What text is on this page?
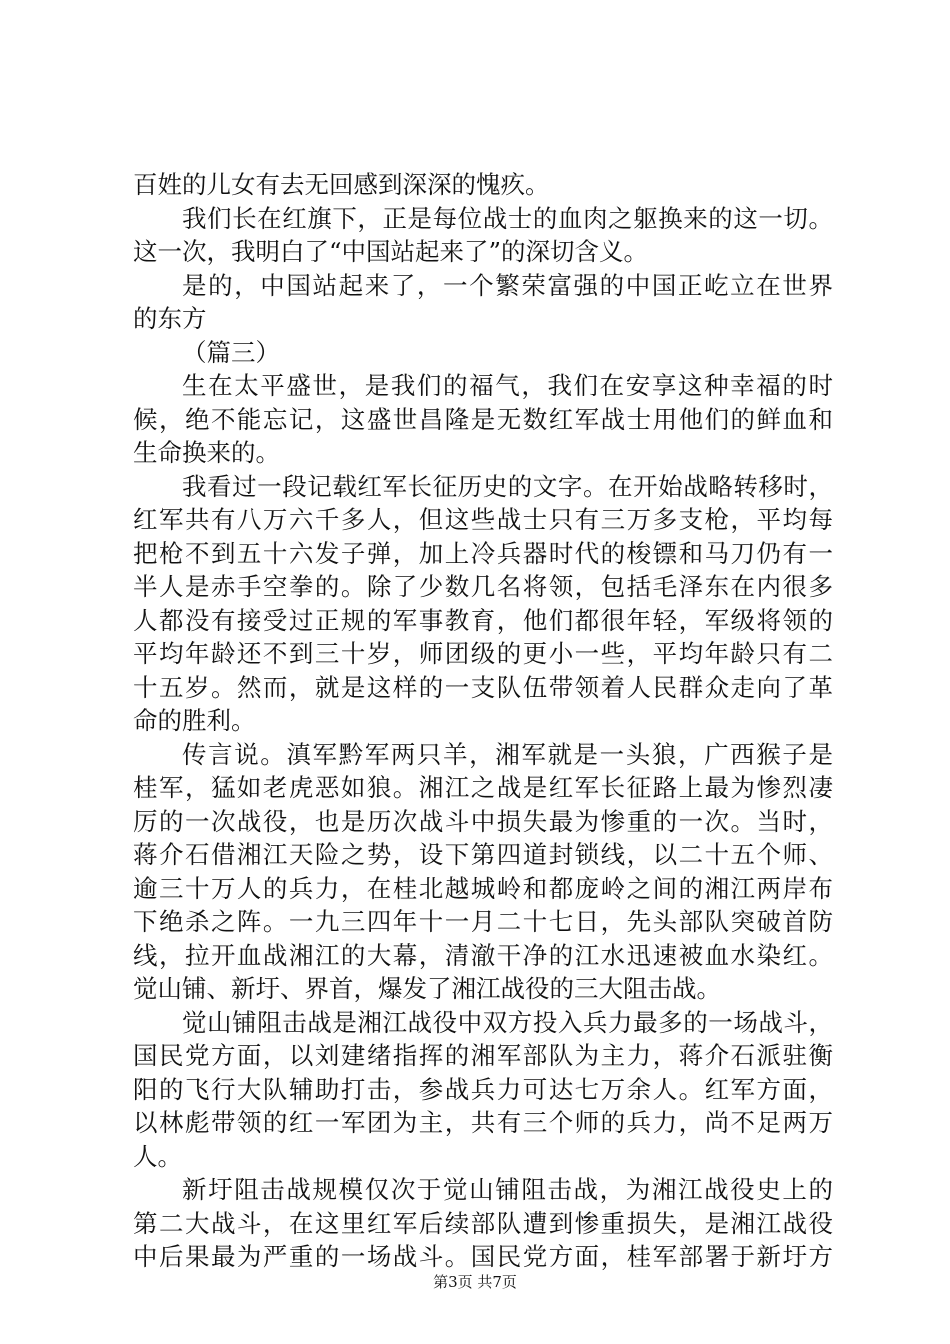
百姓的儿女有去无回感到深深的愧疚。
我们长在红旗下，正是每位战士的血肉之躯换来的这一切。
这一次，我明白了“中国站起来了”的深切含义。
是的，中国站起来了，一个繁荣富强的中国正屹立在世界
的东方
（篇三）
生在太平盛世，是我们的福气，我们在安享这种幸福的时
候，绝不能忘记，这盛世昌隆是无数红军战士用他们的鲜血和
生命换来的。
我看过一段记载红军长征历史的文字。在开始战略转移时，
红军共有八万六千多人，但这些战士只有三万多支枪，平均每
把枪不到五十六发子弹，加上冷兵器时代的梭镖和马刀仍有一
半人是赤手空拳的。除了少数几名将领，包括毛泽东在内很多
人都没有接受过正规的军事教育，他们都很年轻，军级将领的
平均年龄还不到三十岁，师团级的更小一些，平均年龄只有二
十五岁。然而，就是这样的一支队伍带领着人民群众走向了革
命的胜利。
传言说。滇军黔军两只羊，湘军就是一头狼，广西猴子是
桂军，猛如老虎恶如狼。湘江之战是红军长征路上最为惨烈凄
厉的一次战役，也是历次战斗中损失最为惨重的一次。当时，
蒋介石借湘江天险之势，设下第四道封锁线，以二十五个师、
逾三十万人的兵力，在桂北越城岭和都庞岭之间的湘江两岸布
下绝杀之阵。一九三四年十一月二十七日，先头部队突破首防
线，拉开血战湘江的大幕，清澈干净的江水迅速被血水染红。
觉山铺、新圩、界首，爆发了湘江战役的三大阻击战。
觉山铺阻击战是湘江战役中双方投入兵力最多的一场战斗，
国民党方面，以刘建绪指挥的湘军部队为主力，蒋介石派驻衡
阳的飞行大队辅助打击，参战兵力可达七万余人。红军方面，
以林彪带领的红一军团为主，共有三个师的兵力，尚不足两万
人。
新圩阻击战规模仅次于觉山铺阻击战，为湘江战役史上的
第二大战斗，在这里红军后续部队遭到惨重损失，是湘江战役
中后果最为严重的一场战斗。国民党方面，桂军部署于新圩方
第3页 共7页
